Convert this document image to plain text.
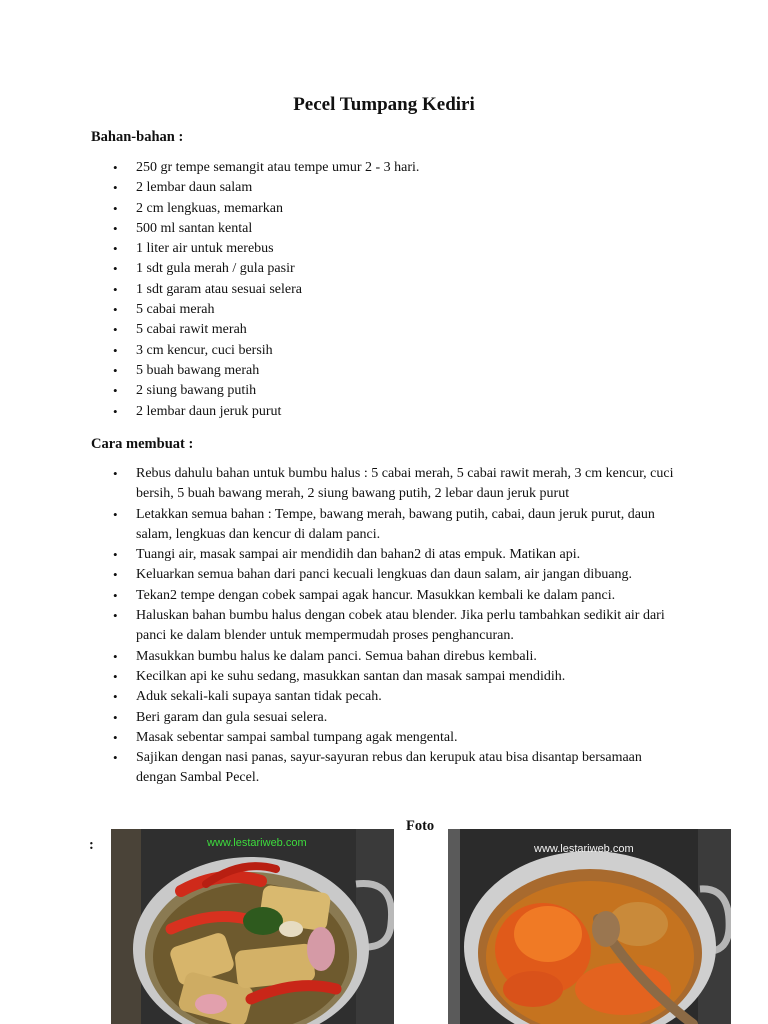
Pecel Tumpang Kediri
Bahan-bahan :
• 250 gr tempe semangit atau tempe umur 2 - 3 hari.
• 2 lembar daun salam
• 2 cm lengkuas, memarkan
• 500 ml santan kental
• 1 liter air untuk merebus
• 1 sdt gula merah / gula pasir
• 1 sdt garam atau sesuai selera
• 5 cabai merah
• 5 cabai rawit merah
• 3 cm kencur, cuci bersih
• 5 buah bawang merah
• 2 siung bawang putih
• 2 lembar daun jeruk purut
Cara membuat :
• Rebus dahulu bahan untuk bumbu halus : 5 cabai merah, 5 cabai rawit merah, 3 cm kencur, cuci bersih, 5 buah bawang merah, 2 siung bawang putih, 2 lebar daun jeruk purut
• Letakkan semua bahan : Tempe, bawang merah, bawang putih, cabai, daun jeruk purut, daun salam, lengkuas dan kencur di dalam panci.
• Tuangi air, masak sampai air mendidih dan bahan2 di atas empuk. Matikan api.
• Keluarkan semua bahan dari panci kecuali lengkuas dan daun salam, air jangan dibuang.
• Tekan2 tempe dengan cobek sampai agak hancur. Masukkan kembali ke dalam panci.
• Haluskan bahan bumbu halus dengan cobek atau blender. Jika perlu tambahkan sedikit air dari panci ke dalam blender untuk mempermudah proses penghancuran.
• Masukkan bumbu halus ke dalam panci. Semua bahan direbus kembali.
• Kecilkan api ke suhu sedang, masukkan santan dan masak sampai mendidih.
• Aduk sekali-kali supaya santan tidak pecah.
• Beri garam dan gula sesuai selera.
• Masak sebentar sampai sambal tumpang agak mengental.
• Sajikan dengan nasi panas, sayur-sayuran rebus dan kerupuk atau bisa disantap bersamaan dengan Sambal Pecel.
Foto
:	www.lestariweb.com	www.lestariweb.com
